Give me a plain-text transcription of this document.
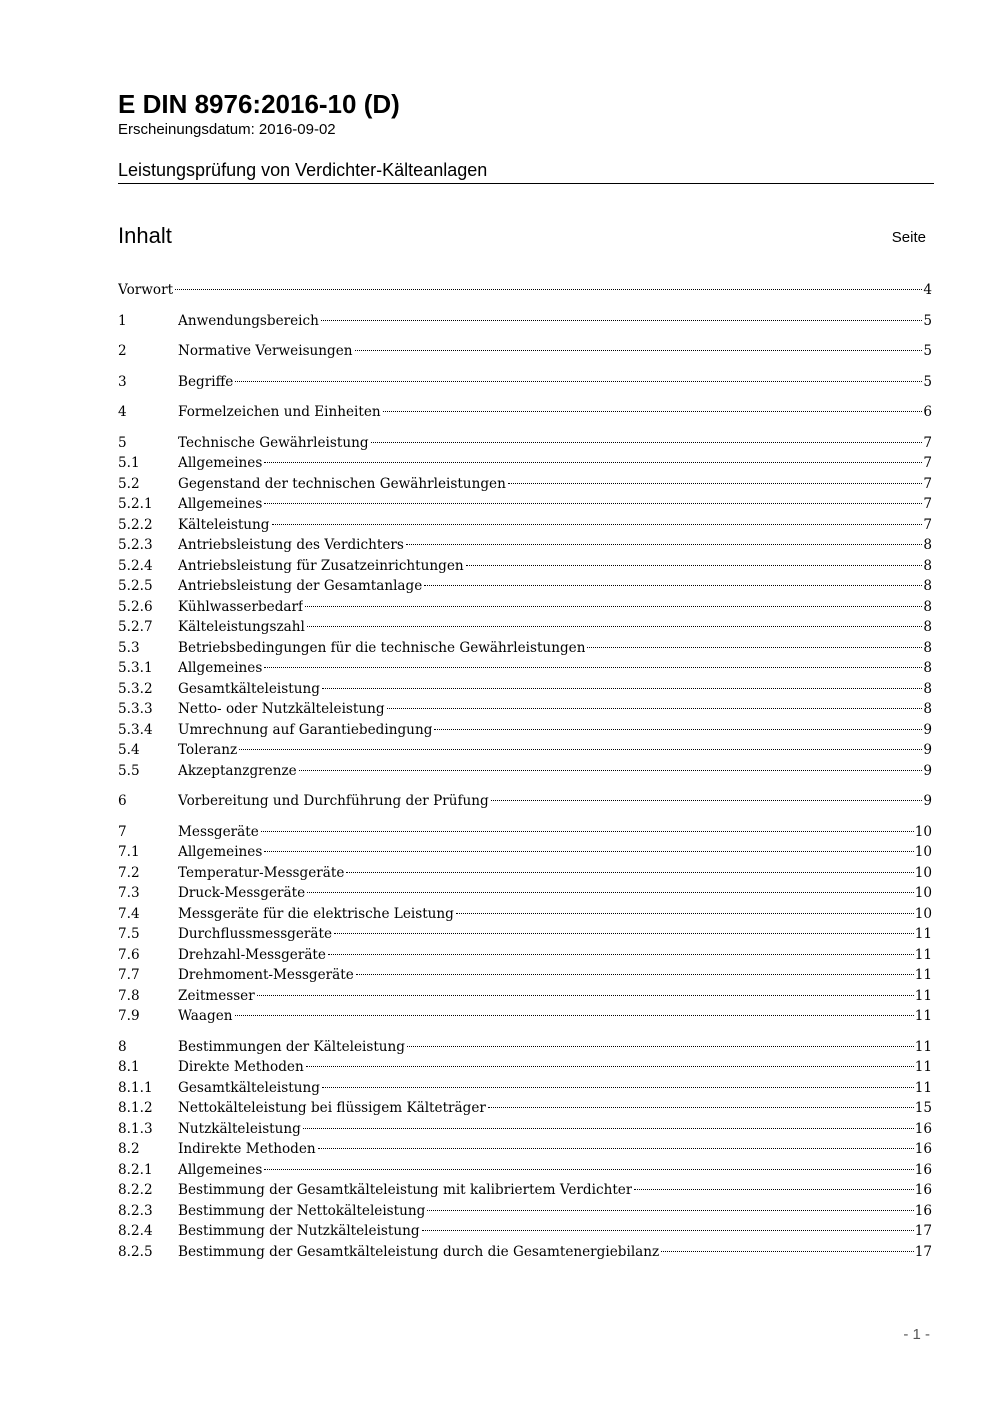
E DIN 8976:2016-10 (D)
Erscheinungsdatum: 2016-09-02
Leistungsprüfung von Verdichter-Kälteanlagen
Inhalt	Seite
Vorwort	4
1	Anwendungsbereich	5
2	Normative Verweisungen	5
3	Begriffe	5
4	Formelzeichen und Einheiten	6
5	Technische Gewährleistung	7
5.1	Allgemeines	7
5.2	Gegenstand der technischen Gewährleistungen	7
5.2.1	Allgemeines	7
5.2.2	Kälteleistung	7
5.2.3	Antriebsleistung des Verdichters	8
5.2.4	Antriebsleistung für Zusatzeinrichtungen	8
5.2.5	Antriebsleistung der Gesamtanlage	8
5.2.6	Kühlwasserbedarf	8
5.2.7	Kälteleistungszahl	8
5.3	Betriebsbedingungen für die technische Gewährleistungen	8
5.3.1	Allgemeines	8
5.3.2	Gesamtkälteleistung	8
5.3.3	Netto- oder Nutzkälteleistung	8
5.3.4	Umrechnung auf Garantiebedingung	9
5.4	Toleranz	9
5.5	Akzeptanzgrenze	9
6	Vorbereitung und Durchführung der Prüfung	9
7	Messgeräte	10
7.1	Allgemeines	10
7.2	Temperatur-Messgeräte	10
7.3	Druck-Messgeräte	10
7.4	Messgeräte für die elektrische Leistung	10
7.5	Durchflussmessgeräte	11
7.6	Drehzahl-Messgeräte	11
7.7	Drehmoment-Messgeräte	11
7.8	Zeitmesser	11
7.9	Waagen	11
8	Bestimmungen der Kälteleistung	11
8.1	Direkte Methoden	11
8.1.1	Gesamtkälteleistung	11
8.1.2	Nettokälteleistung bei flüssigem Kälteträger	15
8.1.3	Nutzkälteleistung	16
8.2	Indirekte Methoden	16
8.2.1	Allgemeines	16
8.2.2	Bestimmung der Gesamtkälteleistung mit kalibriertem Verdichter	16
8.2.3	Bestimmung der Nettokälteleistung	16
8.2.4	Bestimmung der Nutzkälteleistung	17
8.2.5	Bestimmung der Gesamtkälteleistung durch die Gesamtenergiebilanz	17
- 1 -
